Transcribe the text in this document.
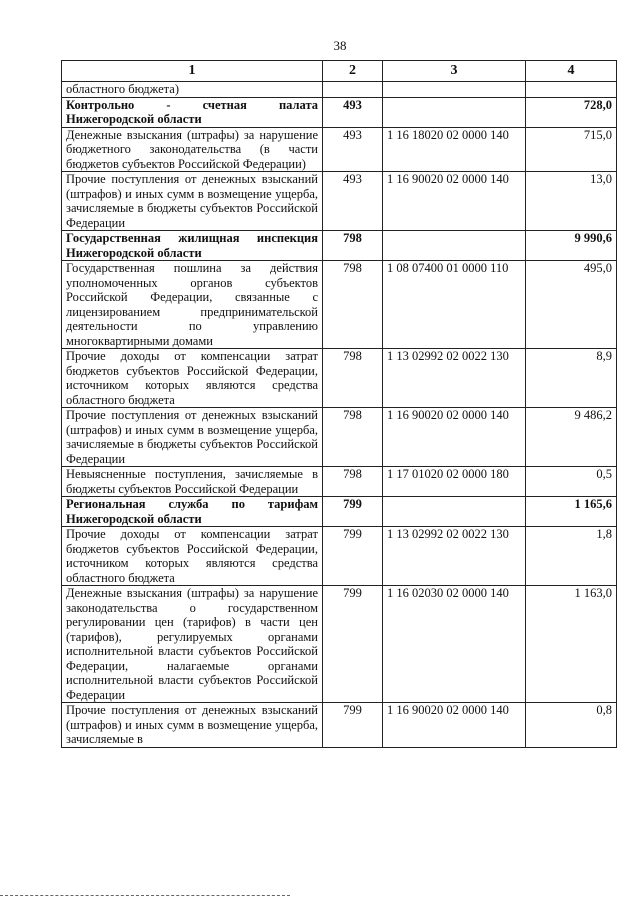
38
1	2	3	4
областного бюджета)			
Контрольно - счетная палата Нижегородской области	493		728,0
Денежные взыскания (штрафы) за нарушение бюджетного законодательства (в части бюджетов субъектов Российской Федерации)	493	1 16 18020 02 0000 140	715,0
Прочие поступления от денежных взысканий (штрафов) и иных сумм в возмещение ущерба, зачисляемые в бюджеты субъектов Российской Федерации	493	1 16 90020 02 0000 140	13,0
Государственная жилищная инспекция Нижегородской области	798		9 990,6
Государственная пошлина за действия уполномоченных органов субъектов Российской Федерации, связанные с лицензированием предпринимательской деятельности по управлению многоквартирными домами	798	1 08 07400 01 0000 110	495,0
Прочие доходы от компенсации затрат бюджетов субъектов Российской Федерации, источником которых являются средства областного бюджета	798	1 13 02992 02 0022 130	8,9
Прочие поступления от денежных взысканий (штрафов) и иных сумм в возмещение ущерба, зачисляемые в бюджеты субъектов Российской Федерации	798	1 16 90020 02 0000 140	9 486,2
Невыясненные поступления, зачисляемые в бюджеты субъектов Российской Федерации	798	1 17 01020 02 0000 180	0,5
Региональная служба по тарифам Нижегородской области	799		1 165,6
Прочие доходы от компенсации затрат бюджетов субъектов Российской Федерации, источником которых являются средства областного бюджета	799	1 13 02992 02 0022 130	1,8
Денежные взыскания (штрафы) за нарушение законодательства о государственном регулировании цен (тарифов) в части цен (тарифов), регулируемых органами исполнительной власти субъектов Российской Федерации, налагаемые органами исполнительной власти субъектов Российской Федерации	799	1 16 02030 02 0000 140	1 163,0
Прочие поступления от денежных взысканий (штрафов) и иных сумм в возмещение ущерба, зачисляемые в	799	1 16 90020 02 0000 140	0,8
